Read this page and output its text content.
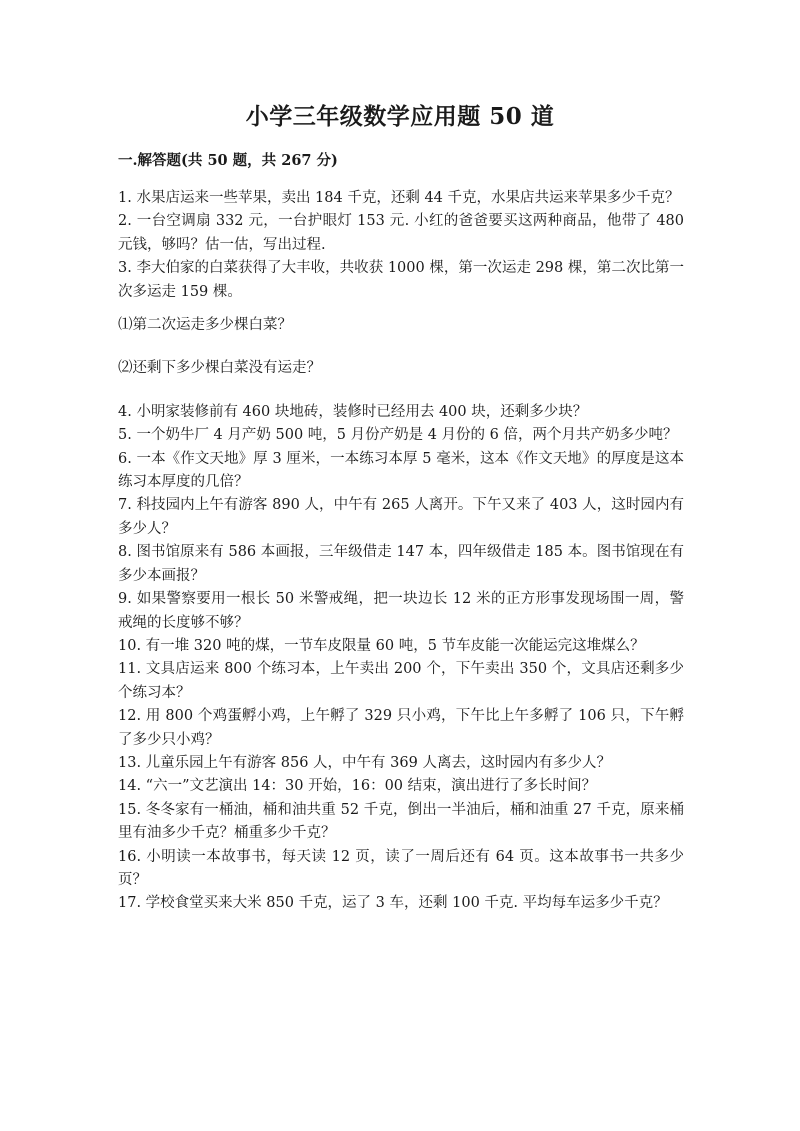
小学三年级数学应用题 50 道
一.解答题(共 50 题，共 267 分)

1. 水果店运来一些苹果，卖出 184 千克，还剩 44 千克，水果店共运来苹果多少千克？

2. 一台空调扇 332 元，一台护眼灯 153 元. 小红的爸爸要买这两种商品，他带了 480 元钱，够吗？估一估，写出过程.

3. 李大伯家的白菜获得了大丰收，共收获 1000 棵，第一次运走 298 棵，第二次比第一次多运走 159 棵。

⑴第二次运走多少棵白菜？

⑵还剩下多少棵白菜没有运走？

4. 小明家装修前有 460 块地砖，装修时已经用去 400 块，还剩多少块？

5. 一个奶牛厂 4 月产奶 500 吨，5 月份产奶是 4 月份的 6 倍，两个月共产奶多少吨？

6. 一本《作文天地》厚 3 厘米，一本练习本厚 5 毫米，这本《作文天地》的厚度是这本练习本厚度的几倍？

7. 科技园内上午有游客 890 人，中午有 265 人离开。下午又来了 403 人，这时园内有多少人？

8. 图书馆原来有 586 本画报，三年级借走 147 本，四年级借走 185 本。图书馆现在有多少本画报？

9. 如果警察要用一根长 50 米警戒绳，把一块边长 12 米的正方形事发现场围一周，警戒绳的长度够不够？

10. 有一堆 320 吨的煤，一节车皮限量 60 吨，5 节车皮能一次能运完这堆煤么？

11. 文具店运来 800 个练习本，上午卖出 200 个，下午卖出 350 个，文具店还剩多少个练习本？

12. 用 800 个鸡蛋孵小鸡，上午孵了 329 只小鸡，下午比上午多孵了 106 只，下午孵了多少只小鸡？

13. 儿童乐园上午有游客 856 人，中午有 369 人离去，这时园内有多少人？

14. “六一”文艺演出 14：30 开始，16：00 结束，演出进行了多长时间？

15. 冬冬家有一桶油，桶和油共重 52 千克，倒出一半油后，桶和油重 27 千克，原来桶里有油多少千克？桶重多少千克？

16. 小明读一本故事书，每天读 12 页，读了一周后还有 64 页。这本故事书一共多少页？

17. 学校食堂买来大米 850 千克，运了 3 车，还剩 100 千克. 平均每车运多少千克？
